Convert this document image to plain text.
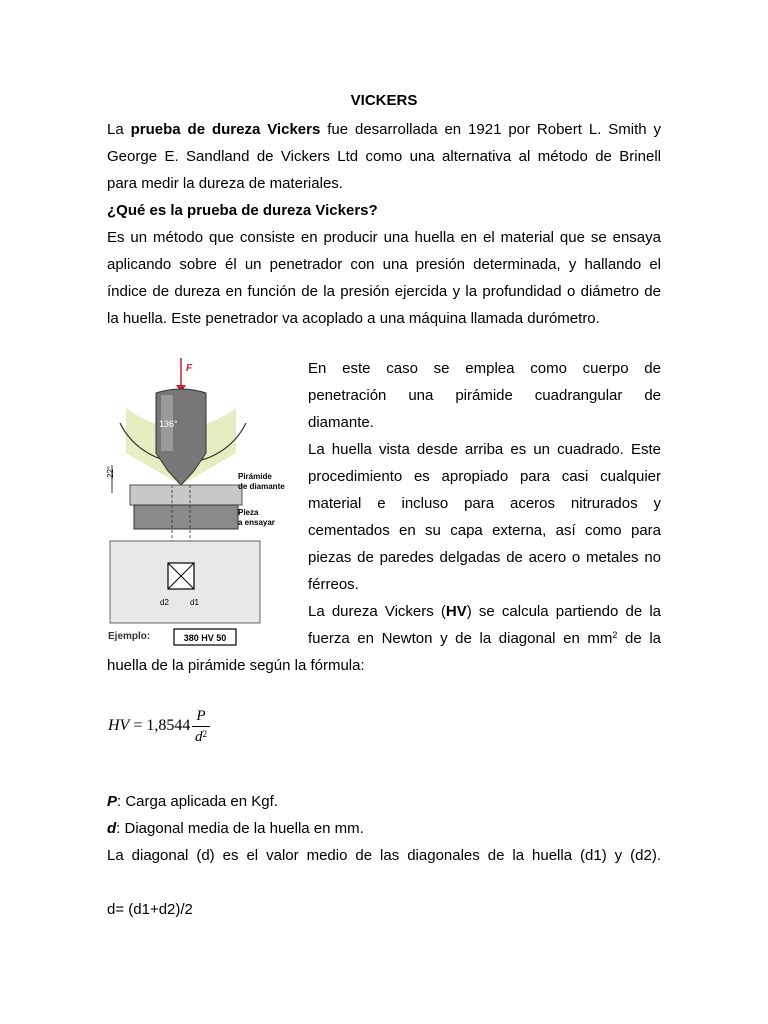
VICKERS
La prueba de dureza Vickers fue desarrollada en 1921 por Robert L. Smith y
George E. Sandland de Vickers Ltd como una alternativa al método de Brinell
para medir la dureza de materiales.
¿Qué es la prueba de dureza Vickers?
Es un método que consiste en producir una huella en el material que se ensaya
aplicando sobre él un penetrador con una presión determinada, y hallando el
índice de dureza en función de la presión ejercida y la profundidad o diámetro de
la huella. Este penetrador va acoplado a una máquina llamada durómetro.
F
136°
22°	Pirámide
de diamante
Pieza
a ensayar
d2	d1
Ejemplo:	380 HV 50
En este caso se emplea como cuerpo de
penetración una pirámide cuadrangular de
diamante.
La huella vista desde arriba es un cuadrado. Este
procedimiento es apropiado para casi cualquier
material e incluso para aceros nitrurados y
cementados en su capa externa, así como para
piezas de paredes delgadas de acero o metales no
férreos.
La dureza Vickers (HV) se calcula partiendo de la
fuerza en Newton y de la diagonal en $mm^2$ de la
huella de la pirámide según la fórmula:
HV = $1,8544 \frac{P}{d^2}$
P: Carga aplicada en Kgf.
d: Diagonal media de la huella en mm.
La diagonal (d) es el valor medio de las diagonales de la huella (d1) y (d2).
d= (d1+d2)/2
